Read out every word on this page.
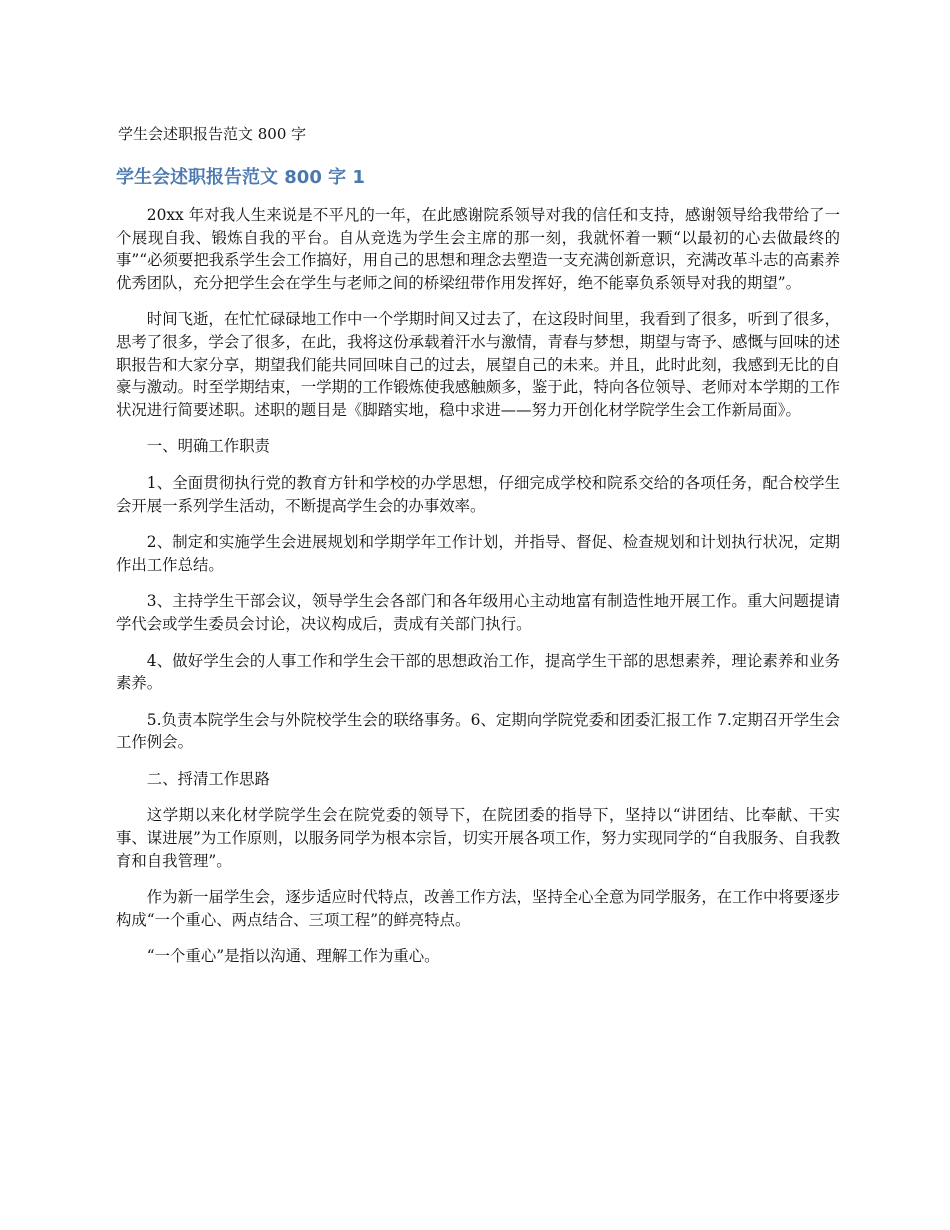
学生会述职报告范文 800 字
学生会述职报告范文 800 字 1

20xx 年对我人生来说是不平凡的一年，在此感谢院系领导对我的信任和支持，感谢领导给我带给了一个展现自我、锻炼自我的平台。自从竞选为学生会主席的那一刻，我就怀着一颗“以最初的心去做最终的事”“必须要把我系学生会工作搞好，用自己的思想和理念去塑造一支充满创新意识，充满改革斗志的高素养优秀团队，充分把学生会在学生与老师之间的桥梁纽带作用发挥好，绝不能辜负系领导对我的期望”。

时间飞逝，在忙忙碌碌地工作中一个学期时间又过去了，在这段时间里，我看到了很多，听到了很多，思考了很多，学会了很多，在此，我将这份承载着汗水与激情，青春与梦想，期望与寄予、感慨与回味的述职报告和大家分享，期望我们能共同回味自己的过去，展望自己的未来。并且，此时此刻，我感到无比的自豪与激动。时至学期结束，一学期的工作锻炼使我感触颇多，鉴于此，特向各位领导、老师对本学期的工作状况进行简要述职。述职的题目是《脚踏实地，稳中求进——努力开创化材学院学生会工作新局面》。

一、明确工作职责

1、全面贯彻执行党的教育方针和学校的办学思想，仔细完成学校和院系交给的各项任务，配合校学生会开展一系列学生活动，不断提高学生会的办事效率。

2、制定和实施学生会进展规划和学期学年工作计划，并指导、督促、检查规划和计划执行状况，定期作出工作总结。

3、主持学生干部会议，领导学生会各部门和各年级用心主动地富有制造性地开展工作。重大问题提请学代会或学生委员会讨论，决议构成后，责成有关部门执行。

4、做好学生会的人事工作和学生会干部的思想政治工作，提高学生干部的思想素养，理论素养和业务素养。

5.负责本院学生会与外院校学生会的联络事务。6、定期向学院党委和团委汇报工作 7.定期召开学生会工作例会。

二、捋清工作思路

这学期以来化材学院学生会在院党委的领导下，在院团委的指导下，坚持以“讲团结、比奉献、干实事、谋进展”为工作原则，以服务同学为根本宗旨，切实开展各项工作，努力实现同学的“自我服务、自我教育和自我管理”。

作为新一届学生会，逐步适应时代特点，改善工作方法，坚持全心全意为同学服务，在工作中将要逐步构成“一个重心、两点结合、三项工程”的鲜亮特点。

“一个重心”是指以沟通、理解工作为重心。
